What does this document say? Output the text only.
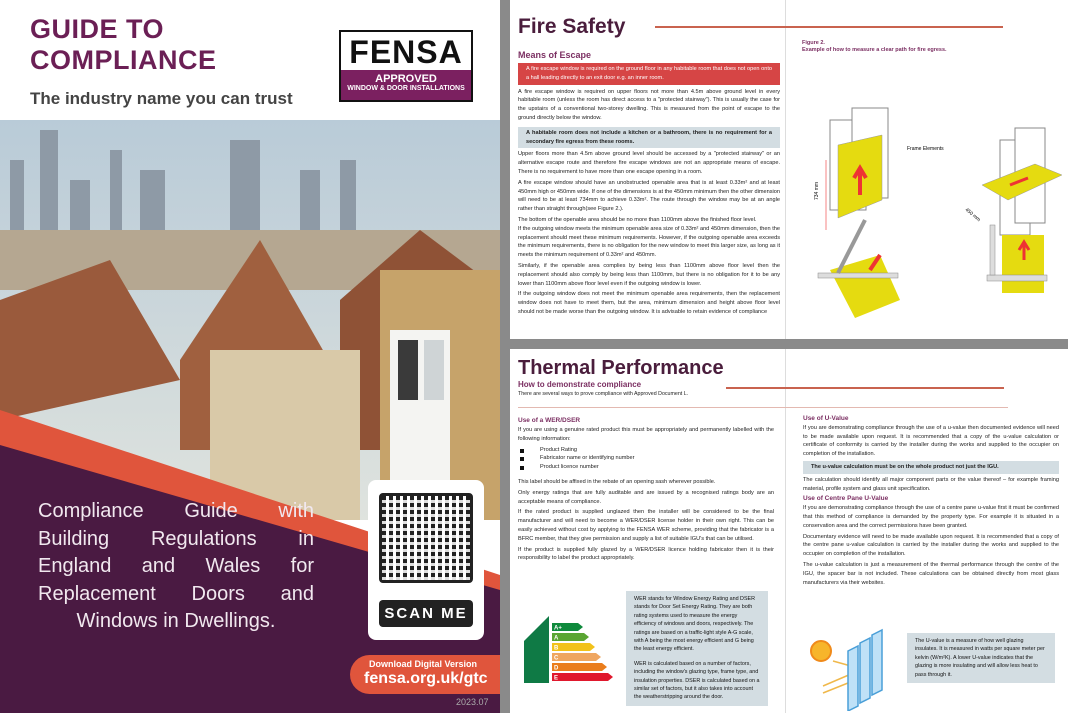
GUIDE TO
COMPLIANCE
The industry name you can trust
FENSA
APPROVED
WINDOW & DOOR INSTALLATIONS
Compliance Guide with Building Regulations in England and Wales for Replacement Doors and Windows in Dwellings.	SCAN ME
Download Digital Version
fensa.org.uk/gtc
2023.07
Fire Safety
Means of Escape

A fire escape window is required on the ground floor in any habitable room that does not open onto a hall leading directly to an exit door e.g. an inner room.

A fire escape window is required on upper floors not more than 4.5m above ground level in every habitable room (unless the room has direct access to a "protected stairway"). This is usually the case for the upstairs of a conventional two-storey dwelling. This is measured from the point of escape to the ground directly below the window.

A habitable room does not include a kitchen or a bathroom, there is no requirement for a secondary fire egress from these rooms.

Upper floors more than 4.5m above ground level should be accessed by a "protected stairway" or an alternative escape route and therefore fire escape windows are not an appropriate means of escape. There is no requirement to have more than one escape opening in a room.

A fire escape window should have an unobstructed openable area that is at least 0.33m² and at least 450mm high or 450mm wide. If one of the dimensions is at the 450mm minimum then the other dimension will need to be at least 734mm to achieve 0.33m². The route through the window may be at an angle rather than straight through(see Figure 2.).

The bottom of the openable area should be no more than 1100mm above the finished floor level.

If the outgoing window meets the minimum openable area size of 0.33m² and 450mm dimension, then the replacement should meet these minimum requirements. However, if the outgoing openable area exceeds the minimum requirements, there is no obligation for the new window to meet this larger size, as long as it meets the minimum requirement of 0.33m² and 450mm.

Similarly, if the openable area complies by being less than 1100mm above floor level then the replacement should also comply by being less than 1100mm, but there is no obligation for it to be any lower than 1100mm above floor level even if the outgoing window is lower.

If the outgoing window does not meet the minimum openable area requirements, then the replacement window does not have to meet them, but the area, minimum dimension and height above floor level should not be made worse than the outgoing window. It is advisable to retain evidence of compliance

Figure 2.
Example of how to measure a clear path for fire egress.
734 mm
Frame Elements
450 mm
Thermal Performance
How to demonstrate compliance
There are several ways to prove compliance with Approved Document L.
Use of a WER/DSER

If you are using a genuine rated product this must be appropriately and permanently labelled with the following information:

Product Rating
Fabricator name or identifying number
Product licence number

This label should be affixed in the rebate of an opening sash wherever possible.

Only energy ratings that are fully auditable and are issued by a recognised ratings body are an acceptable means of compliance.

If the rated product is supplied unglazed then the installer will be considered to be the final manufacturer and will need to become a WER/DSER license holder in their own right. This can be easily achieved without cost by applying to the FENSA WER scheme, providing that the fabricator is a BFRC member, that they give permission and supply a list of suitable IGU's that can be utilised.

If the product is supplied fully glazed by a WER/DSER licence holding fabricator then it is their responsibility to label the product appropriately.

A+
A
B
C
D
E

WER stands for Window Energy Rating and DSER stands for Door Set Energy Rating. They are both rating systems used to measure the energy efficiency of windows and doors, respectively. The ratings are based on a traffic-light style A-G scale, with A being the most energy efficient and G being the least energy efficient.

WER is calculated based on a number of factors, including the window's glazing type, frame type, and insulation properties. DSER is calculated based on a similar set of factors, but it also takes into account the weatherstripping around the door.

Use of U-Value

If you are demonstrating compliance through the use of a u-value then documented evidence will need to be made available upon request. It is recommended that a copy of the u-value calculation or certificate of conformity is carried by the installer during the works and supplied to the occupier on completion of the installation.

The u-value calculation must be on the whole product not just the IGU.

The calculation should identify all major component parts or the value thereof – for example framing material, profile system and glass unit specification.

Use of Centre Pane U-Value

If you are demonstrating compliance through the use of a centre pane u-value first it must be confirmed that this method of compliance is demanded by the property type. For example it is situated in a conservation area and the correct permissions have been granted.

Documentary evidence will need to be made available upon request. It is recommended that a copy of the centre pane u-value calculation is carried by the installer during the works and supplied to the occupier on completion of the installation.

The u-value calculation is just a measurement of the thermal performance through the centre of the IGU, the spacer bar is not included. These calculations can be obtained directly from most glass manufacturers via their websites.

The U-value is a measure of how well glazing insulates. It is measured in watts per square meter per kelvin (W/m²K). A lower U-value indicates that the glazing is more insulating and will allow less heat to pass through it.
